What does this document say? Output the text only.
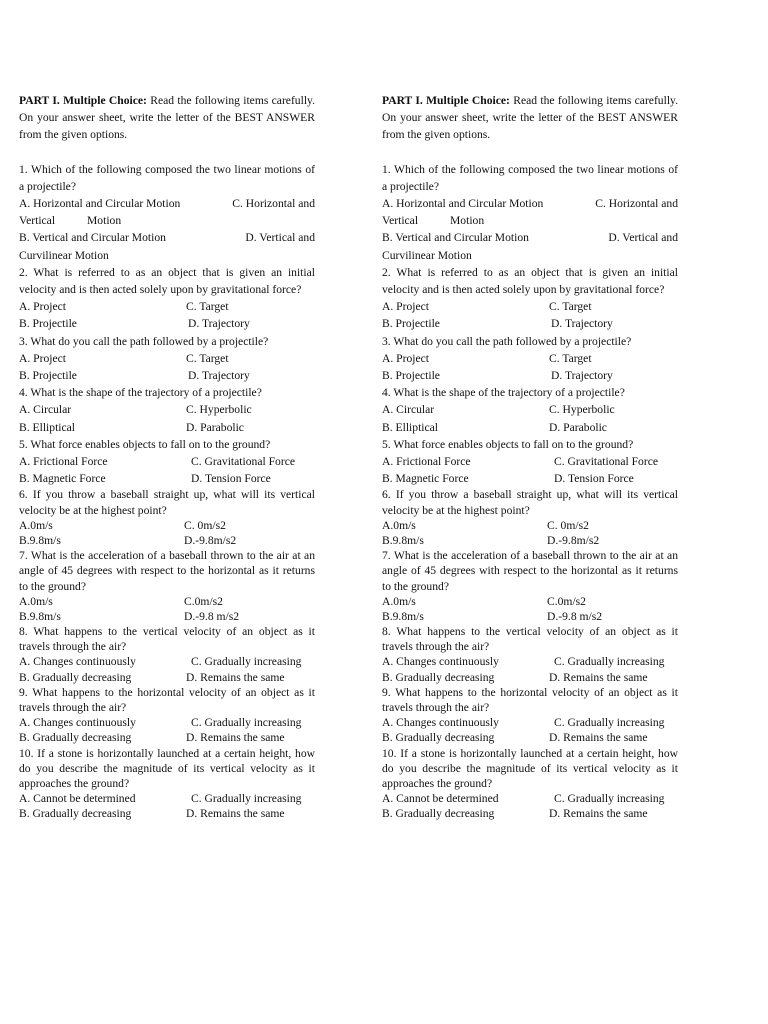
PART I. Multiple Choice: Read the following items carefully. On your answer sheet, write the letter of the BEST ANSWER from the given options.

1. Which of the following composed the two linear motions of a projectile?

A. Horizontal and Circular Motion	C. Horizontal and
Vertical	Motion
B. Vertical and Circular Motion	D. Vertical and
Curvilinear Motion

2. What is referred to as an object that is given an initial velocity and is then acted solely upon by gravitational force?

A. Project	C. Target
B. Projectile	D. Trajectory

3. What do you call the path followed by a projectile?

A. Project	C. Target
B. Projectile	D. Trajectory

4. What is the shape of the trajectory of a projectile?

A. Circular	C. Hyperbolic
B. Elliptical	D. Parabolic

5. What force enables objects to fall on to the ground?

A. Frictional Force	C. Gravitational Force
B. Magnetic Force	D. Tension Force

6. If you throw a baseball straight up, what will its vertical velocity be at the highest point?

A.0m/s	C. 0m/s2
B.9.8m/s	D.-9.8m/s2

7. What is the acceleration of a baseball thrown to the air at an angle of 45 degrees with respect to the horizontal as it returns to the ground?

A.0m/s	C.0m/s2
B.9.8m/s	D.-9.8 m/s2

8. What happens to the vertical velocity of an object as it travels through the air?

A. Changes continuously	C. Gradually increasing
B. Gradually decreasing	D. Remains the same

9. What happens to the horizontal velocity of an object as it travels through the air?

A. Changes continuously	C. Gradually increasing
B. Gradually decreasing	D. Remains the same

10. If a stone is horizontally launched at a certain height, how do you describe the magnitude of its vertical velocity as it approaches the ground?

A. Cannot be determined	C. Gradually increasing
B. Gradually decreasing	D. Remains the same

PART I. Multiple Choice: Read the following items carefully. On your answer sheet, write the letter of the BEST ANSWER from the given options.

1. Which of the following composed the two linear motions of a projectile?

A. Horizontal and Circular Motion	C. Horizontal and
Vertical	Motion
B. Vertical and Circular Motion	D. Vertical and
Curvilinear Motion

2. What is referred to as an object that is given an initial velocity and is then acted solely upon by gravitational force?

A. Project	C. Target
B. Projectile	D. Trajectory

3. What do you call the path followed by a projectile?

A. Project	C. Target
B. Projectile	D. Trajectory

4. What is the shape of the trajectory of a projectile?

A. Circular	C. Hyperbolic
B. Elliptical	D. Parabolic

5. What force enables objects to fall on to the ground?

A. Frictional Force	C. Gravitational Force
B. Magnetic Force	D. Tension Force

6. If you throw a baseball straight up, what will its vertical velocity be at the highest point?

A.0m/s	C. 0m/s2
B.9.8m/s	D.-9.8m/s2

7. What is the acceleration of a baseball thrown to the air at an angle of 45 degrees with respect to the horizontal as it returns to the ground?

A.0m/s	C.0m/s2
B.9.8m/s	D.-9.8 m/s2

8. What happens to the vertical velocity of an object as it travels through the air?

A. Changes continuously	C. Gradually increasing
B. Gradually decreasing	D. Remains the same

9. What happens to the horizontal velocity of an object as it travels through the air?

A. Changes continuously	C. Gradually increasing
B. Gradually decreasing	D. Remains the same

10. If a stone is horizontally launched at a certain height, how do you describe the magnitude of its vertical velocity as it approaches the ground?

A. Cannot be determined	C. Gradually increasing
B. Gradually decreasing	D. Remains the same
